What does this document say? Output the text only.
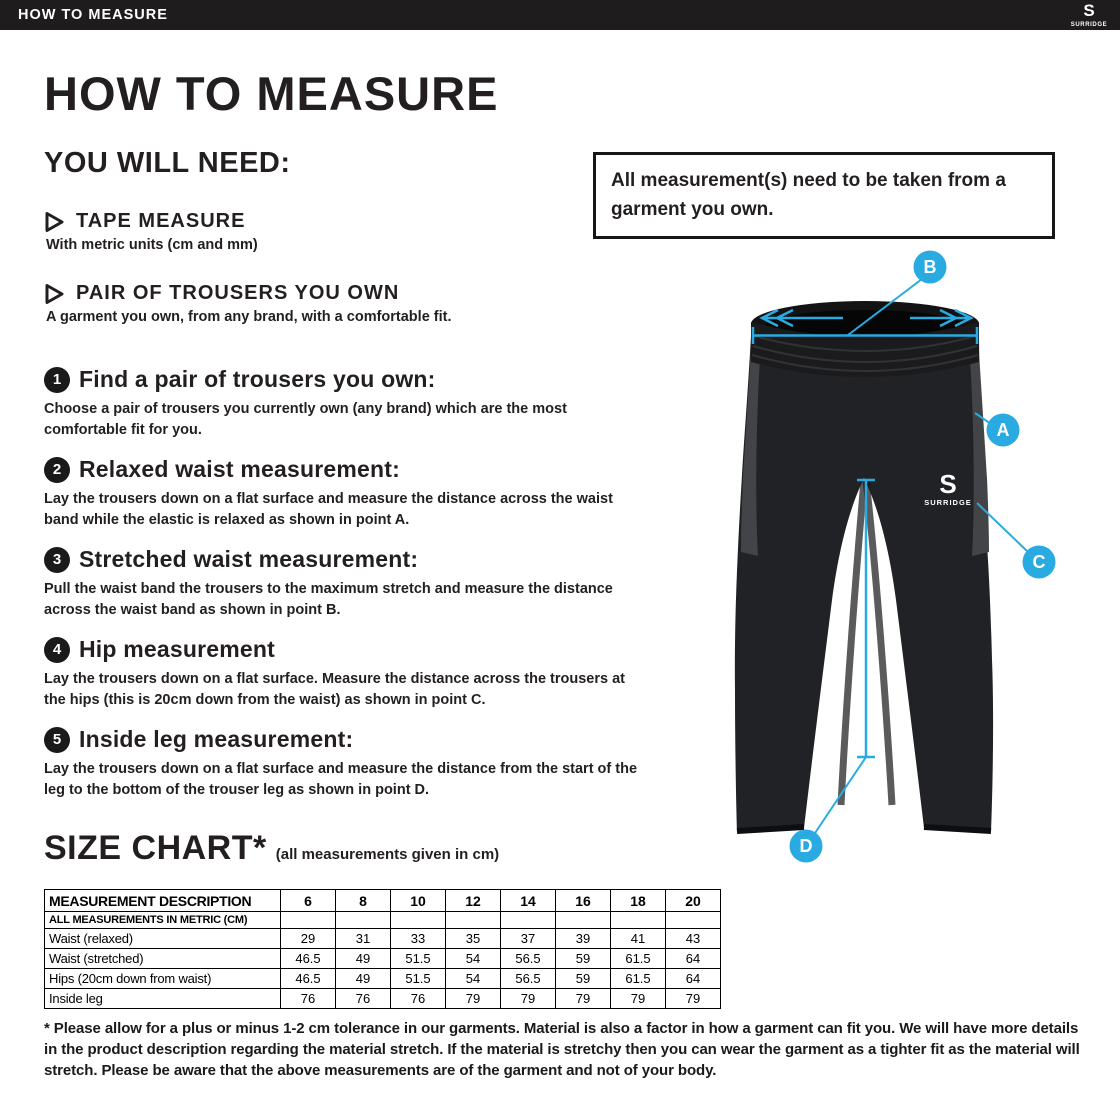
HOW TO MEASURE	S
SURRIDGE
HOW TO MEASURE
YOU WILL NEED:
TAPE MEASURE
With metric units (cm and mm)
PAIR OF TROUSERS YOU OWN
A garment you own, from any brand, with a comfortable fit.
All measurement(s) need to be taken from a garment you own.
1 Find a pair of trousers you own:
Choose a pair of trousers you currently own (any brand) which are the most comfortable fit for you.
2 Relaxed waist measurement:
Lay the trousers down on a flat surface and measure the distance across the waist band while the elastic is relaxed as shown in point A.
3 Stretched waist measurement:
Pull the waist band the trousers to the maximum stretch and measure the distance across the waist band as shown in point B.
4 Hip measurement
Lay the trousers down on a flat surface. Measure the distance across the trousers at the hips (this is 20cm down from the waist) as shown in point C.
5 Inside leg measurement:
Lay the trousers down on a flat surface and measure the distance from the start of the leg to the bottom of the trouser leg as shown in point D.
S
SURRIDGE
B
A
C
D
SIZE CHART* (all measurements given in cm)
MEASUREMENT DESCRIPTION	6	8	10	12	14	16	18	20
ALL MEASUREMENTS IN METRIC (CM)								
Waist (relaxed)	29	31	33	35	37	39	41	43
Waist (stretched)	46.5	49	51.5	54	56.5	59	61.5	64
Hips (20cm down from waist)	46.5	49	51.5	54	56.5	59	61.5	64
Inside leg	76	76	76	79	79	79	79	79
* Please allow for a plus or minus 1-2 cm tolerance in our garments. Material is also a factor in how a garment can fit you. We will have more details in the product description regarding the material stretch. If the material is stretchy then you can wear the garment as a tighter fit as the material will stretch. Please be aware that the above measurements are of the garment and not of your body.
